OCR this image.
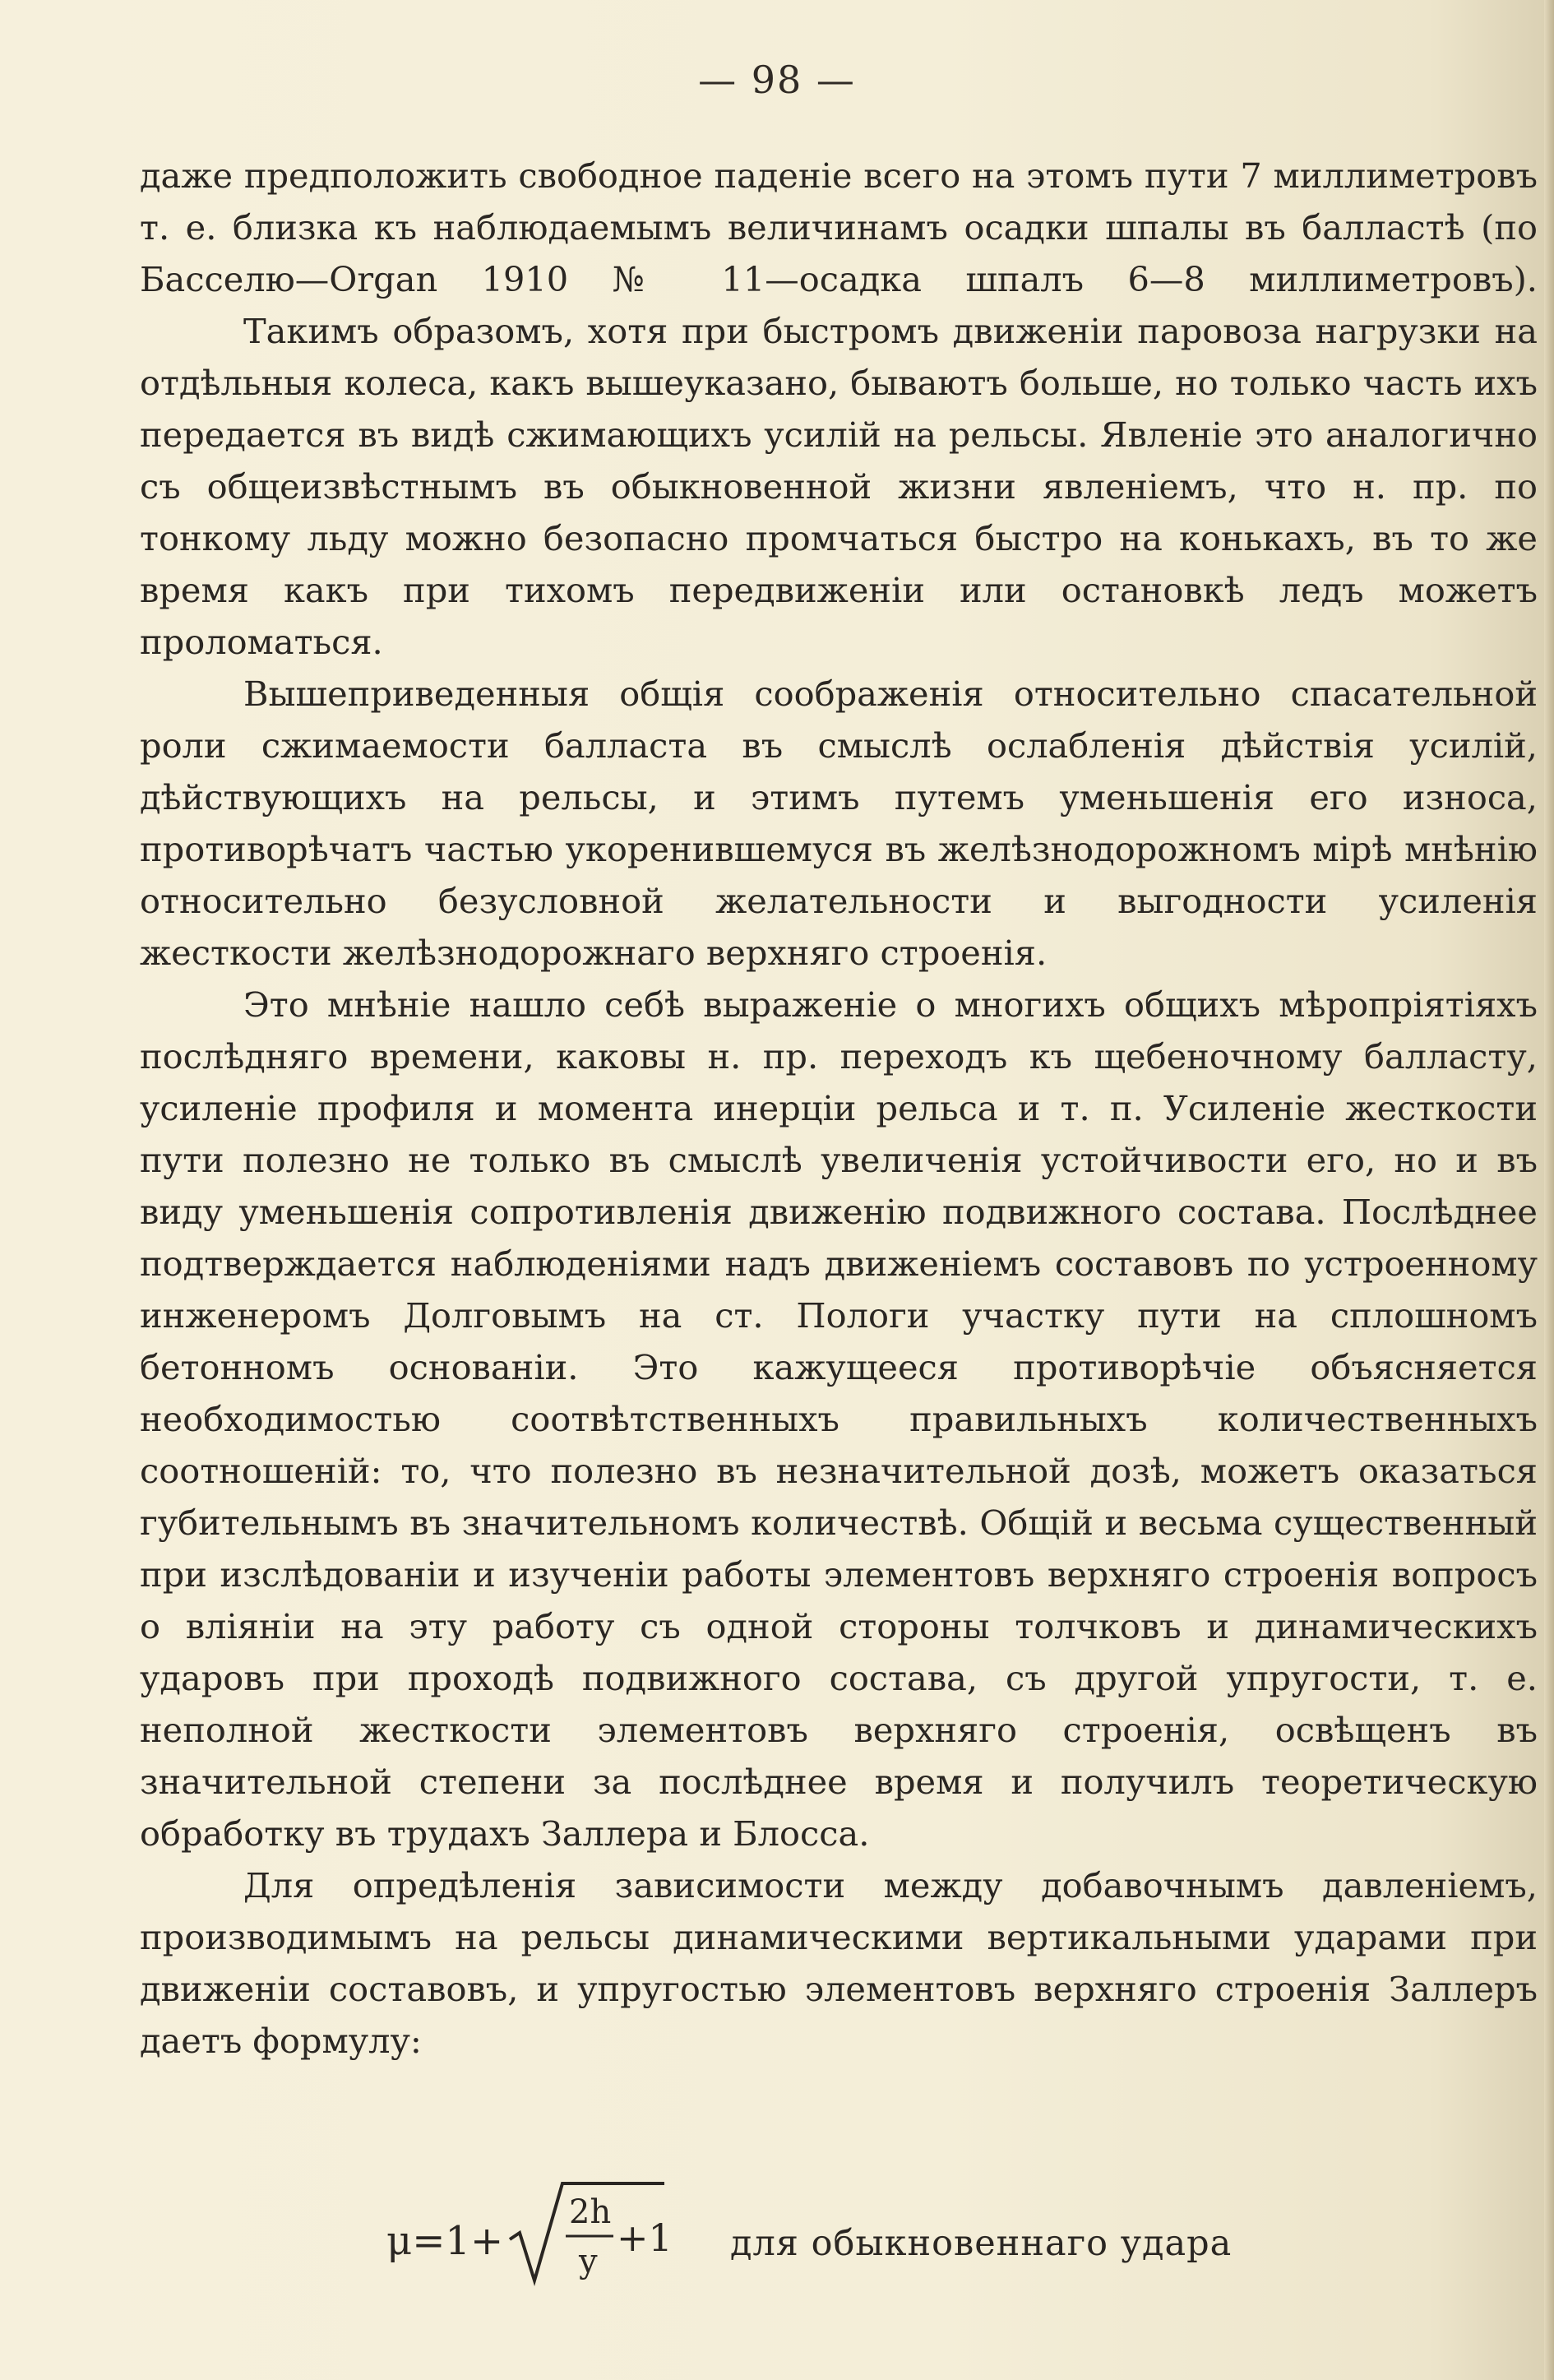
— 98 —

даже предположить свободное паденіе всего на этомъ пути 7 миллиметровъ т. е. близка къ наблюдаемымъ величинамъ осадки шпалы въ балластѣ (по Басселю—Organ 1910 № 11—осадка шпалъ 6—8 миллиметровъ).

Такимъ образомъ, хотя при быстромъ движеніи паровоза нагрузки на отдѣльныя колеса, какъ вышеуказано, бываютъ больше, но только часть ихъ передается въ видѣ сжимающихъ усилій на рельсы. Явленіе это аналогично съ общеизвѣстнымъ въ обыкновенной жизни явленіемъ, что н. пр. по тонкому льду можно безопасно промчаться быстро на конькахъ, въ то же время какъ при тихомъ передвиженіи или остановкѣ ледъ можетъ проломаться.

Вышеприведенныя общія соображенія относительно спасательной роли сжимаемости балласта въ смыслѣ ослабленія дѣйствія усилій, дѣйствующихъ на рельсы, и этимъ путемъ уменьшенія его износа, противорѣчатъ частью укоренившемуся въ желѣзнодорожномъ мірѣ мнѣнію относительно безусловной желательности и выгодности усиленія жесткости желѣзнодорожнаго верхняго строенія.

Это мнѣніе нашло себѣ выраженіе о многихъ общихъ мѣропріятіяхъ послѣдняго времени, каковы н. пр. переходъ къ щебеночному балласту, усиленіе профиля и момента инерціи рельса и т. п. Усиленіе жесткости пути полезно не только въ смыслѣ увеличенія устойчивости его, но и въ виду уменьшенія сопротивленія движенію подвижного состава. Послѣднее подтверждается наблюденіями надъ движеніемъ составовъ по устроенному инженеромъ Долговымъ на ст. Пологи участку пути на сплошномъ бетонномъ основаніи. Это кажущееся противорѣчіе объясняется необходимостью соотвѣтственныхъ правильныхъ количественныхъ соотношеній: то, что полезно въ незначительной дозѣ, можетъ оказаться губительнымъ въ значительномъ количествѣ. Общій и весьма существенный при изслѣдованіи и изученіи работы элементовъ верхняго строенія вопросъ о вліяніи на эту работу съ одной стороны толчковъ и динамическихъ ударовъ при проходѣ подвижного состава, съ другой упругости, т. е. неполной жесткости элементовъ верхняго строенія, освѣщенъ въ значительной степени за послѣднее время и получилъ теоретическую обработку въ трудахъ Заллера и Блосса.

Для опредѣленія зависимости между добавочнымъ давленіемъ, производимымъ на рельсы динамическими вертикальными ударами при движеніи составовъ, и упругостью элементовъ верхняго строенія Заллеръ даетъ формулу:

μ=1+
2h
y
+1 для обыкновеннаго удара
